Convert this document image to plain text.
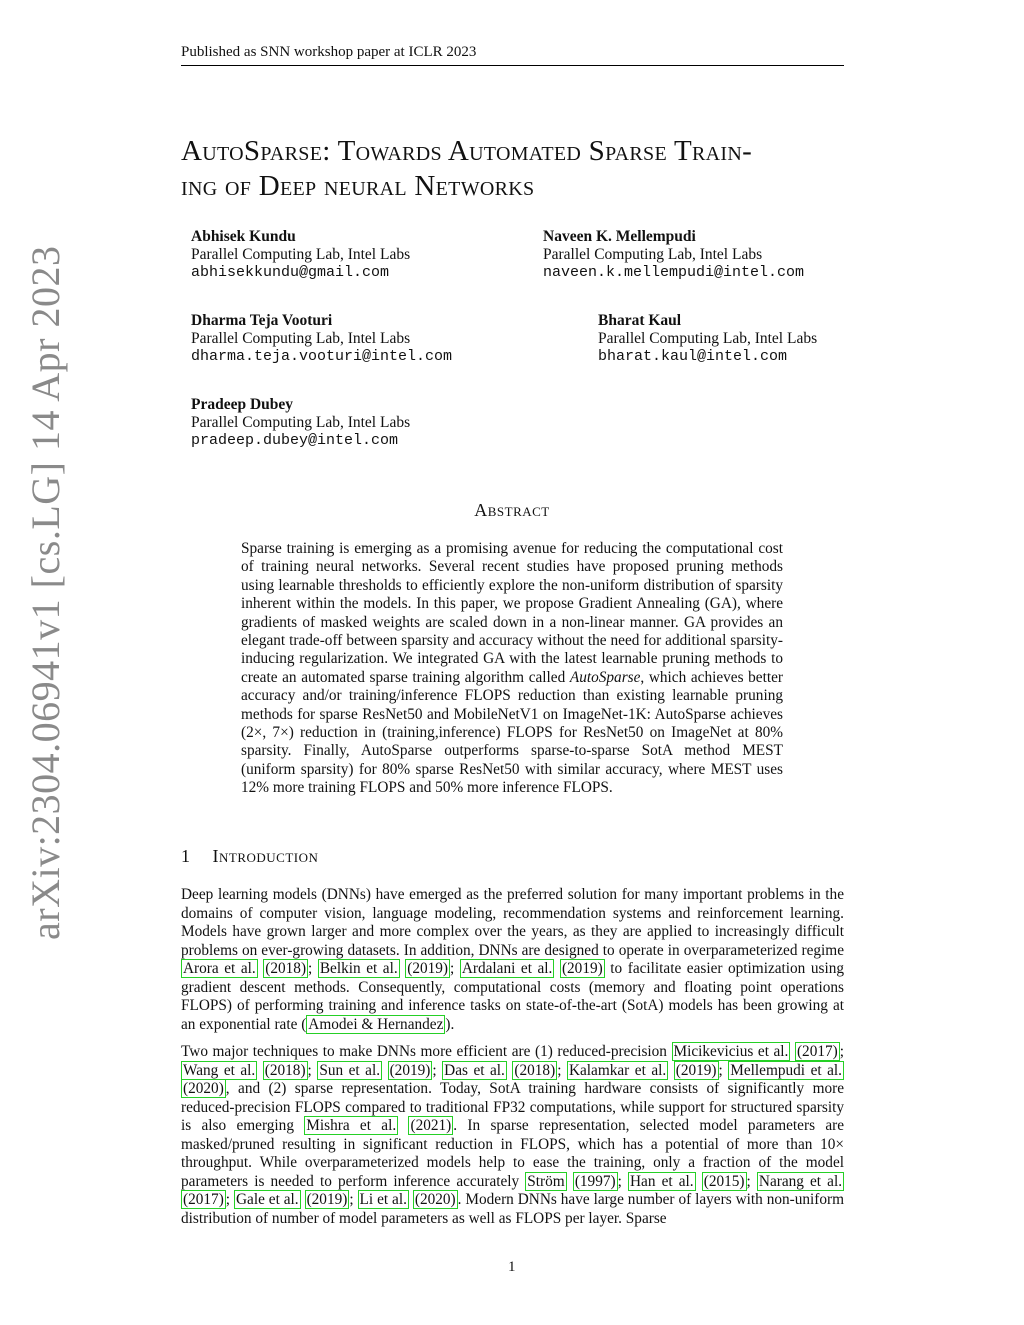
Published as SNN workshop paper at ICLR 2023
arXiv:2304.06941v1 [cs.LG] 14 Apr 2023
AutoSparse: Towards Automated Sparse Train-
ing of Deep neural Networks
Abhisek Kundu
Parallel Computing Lab, Intel Labs
abhisekkundu@gmail.com
Naveen K. Mellempudi
Parallel Computing Lab, Intel Labs
naveen.k.mellempudi@intel.com
Dharma Teja Vooturi
Parallel Computing Lab, Intel Labs
dharma.teja.vooturi@intel.com
Bharat Kaul
Parallel Computing Lab, Intel Labs
bharat.kaul@intel.com
Pradeep Dubey
Parallel Computing Lab, Intel Labs
pradeep.dubey@intel.com
Abstract
Sparse training is emerging as a promising avenue for reducing the computational cost of training neural networks. Several recent studies have proposed pruning methods using learnable thresholds to efficiently explore the non-uniform distribution of sparsity inherent within the models. In this paper, we propose Gradient Annealing (GA), where gradients of masked weights are scaled down in a non-linear manner. GA provides an elegant trade-off between sparsity and accuracy without the need for additional sparsity-inducing regularization. We integrated GA with the latest learnable pruning methods to create an automated sparse training algorithm called AutoSparse, which achieves better accuracy and/or training/inference FLOPS reduction than existing learnable pruning methods for sparse ResNet50 and MobileNetV1 on ImageNet-1K: AutoSparse achieves (2×, 7×) reduction in (training,inference) FLOPS for ResNet50 on ImageNet at 80% sparsity. Finally, AutoSparse outperforms sparse-to-sparse SotA method MEST (uniform sparsity) for 80% sparse ResNet50 with similar accuracy, where MEST uses 12% more training FLOPS and 50% more inference FLOPS.
1 Introduction
Deep learning models (DNNs) have emerged as the preferred solution for many important problems in the domains of computer vision, language modeling, recommendation systems and reinforcement learning. Models have grown larger and more complex over the years, as they are applied to increasingly difficult problems on ever-growing datasets. In addition, DNNs are designed to operate in overparameterized regime Arora et al. (2018) ; Belkin et al. (2019) ; Ardalani et al. (2019) to facilitate easier optimization using gradient descent methods. Consequently, computational costs (memory and floating point operations FLOPS) of performing training and inference tasks on state-of-the-art (SotA) models has been growing at an exponential rate ( Amodei & Hernandez ).
Two major techniques to make DNNs more efficient are (1) reduced-precision Micikevicius et al. (2017) ; Wang et al. (2018) ; Sun et al. (2019) ; Das et al. (2018) ; Kalamkar et al. (2019) ; Mellempudi et al. (2020) , and (2) sparse representation. Today, SotA training hardware consists of significantly more reduced-precision FLOPS compared to traditional FP32 computations, while support for structured sparsity is also emerging Mishra et al. (2021) . In sparse representation, selected model parameters are masked/pruned resulting in significant reduction in FLOPS, which has a potential of more than 10× throughput. While overparameterized models help to ease the training, only a fraction of the model parameters is needed to perform inference accurately Ström (1997) ; Han et al. (2015) ; Narang et al. (2017) ; Gale et al. (2019) ; Li et al. (2020) . Modern DNNs have large number of layers with non-uniform distribution of number of model parameters as well as FLOPS per layer. Sparse
1
